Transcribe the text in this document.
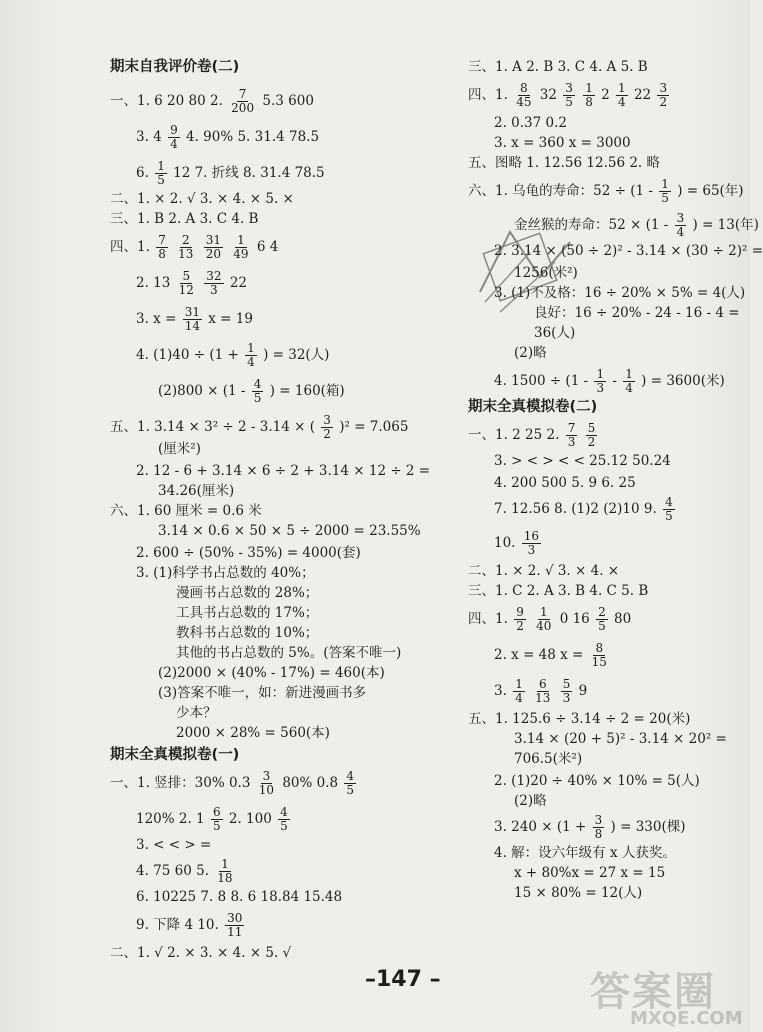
期末自我评价卷(二)
一、1. 6 20 80 2. $\frac{7}{200} 5.3$ 600
3. $4 \frac{9}{4} 4$. 90% 5. 31.4 78.5
6. $\frac{1}{5} 12$ 7. 折线 8. 31.4 78.5
二、1. × 2. √ 3. × 4. × 5. ×
三、1. B 2. A 3. C 4. B
四、1. $\frac{7}{8}$
$\frac{2}{13}$
$\frac{31}{20}$
$\frac{1}{49} 6$ 4
2. $13 \frac{5}{12}$
$\frac{32}{3} 22$
3. $x = \frac{31}{14}$ x = 19
4. $(1)40 \div (1 + \frac{1}{4}$ ) = 32(人)
$(2)800 \times (1 - \frac{4}{5}$ ) = 160(箱)
五、1. 3.14 × 3² ÷ 2 - 3.14 × ( $\frac{3}{2} )^2 = 7.065$
(厘米²)
2. 12 - 6 + 3.14 × 6 ÷ 2 + 3.14 × 12 ÷ 2 =
34.26(厘米)
六、1. 60 厘米 = 0.6 米
3.14 × 0.6 × 50 × 5 ÷ 2000 = 23.55%
2. 600 ÷ (50% - 35%) = 4000(套)
3. (1)科学书占总数的 40%；
漫画书占总数的 28%；
工具书占总数的 17%；
教科书占总数的 10%；
其他的书占总数的 5%。(答案不唯一)
(2)2000 × (40% - 17%) = 460(本)
(3)答案不唯一，如：新进漫画书多
少本？
2000 × 28% = 560(本)
期末全真模拟卷(一)
一、1. 竖排：30% $0.3 \frac{3}{10} 80\%$ $0.8 \frac{4}{5}$
120% 2. $1 \frac{6}{5} 2$. $100 \frac{4}{5}$
3. < < > =
4. 75 60 5. $\frac{1}{18}$
6. 10225 7. 8 8. 6 18.84 15.48
9. 下降 4 10. $\frac{30}{11}$
二、1. √ 2. × 3. × 4. × 5. √
三、1. A 2. B 3. C 4. A 5. B
四、1. $\frac{8}{45} 32 \frac{3}{5}$
$\frac{1}{8} 2 \frac{1}{4} 22 \frac{3}{2}$
2. 0.37 0.2
3. x = 360 x = 3000
五、图略 1. 12.56 12.56 2. 略
六、1. 乌龟的寿命：$52 \div (1 - \frac{1}{5}$ ) = 65(年)
金丝猴的寿命：$52 \times (1 - \frac{3}{4}$ ) = 13(年)
2. 3.14 × (50 ÷ 2)² - 3.14 × (30 ÷ 2)² =
1256(米²)
3. (1)不及格：16 ÷ 20% × 5% = 4(人)
良好：16 ÷ 20% - 24 - 16 - 4 =
36(人)
(2)略
4. $1500 \div (1 - \frac{1}{3} - \frac{1}{4}$ ) = 3600(米)
期末全真模拟卷(二)
一、1. 2 25 2. $\frac{7}{3}$
$\frac{5}{2}$
3. > < > < < 25.12 50.24
4. 200 500 5. 9 6. 25
7. 12.56 8. (1)2 (2)10 9. $\frac{4}{5}$
10. $\frac{16}{3}$
二、1. × 2. √ 3. × 4. ×
三、1. C 2. A 3. B 4. C 5. B
四、1. $\frac{9}{2}$
$\frac{1}{40} 0$ $16 \frac{2}{5} 80$
2. x = 48 $x = \frac{8}{15}$
3. $\frac{1}{4}$
$\frac{6}{13}$
$\frac{5}{3} 9$
五、1. 125.6 ÷ 3.14 ÷ 2 = 20(米)
3.14 × (20 + 5)² - 3.14 × 20² =
706.5(米²)
2. (1)20 ÷ 40% × 10% = 5(人)
(2)略
3. $240 \times (1 + \frac{3}{8}$ ) = 330(棵)
4. 解：设六年级有 x 人获奖。
x + 80%x = 27 x = 15
15 × 80% = 12(人)
–147 –	答案圈
MXQE.COM
